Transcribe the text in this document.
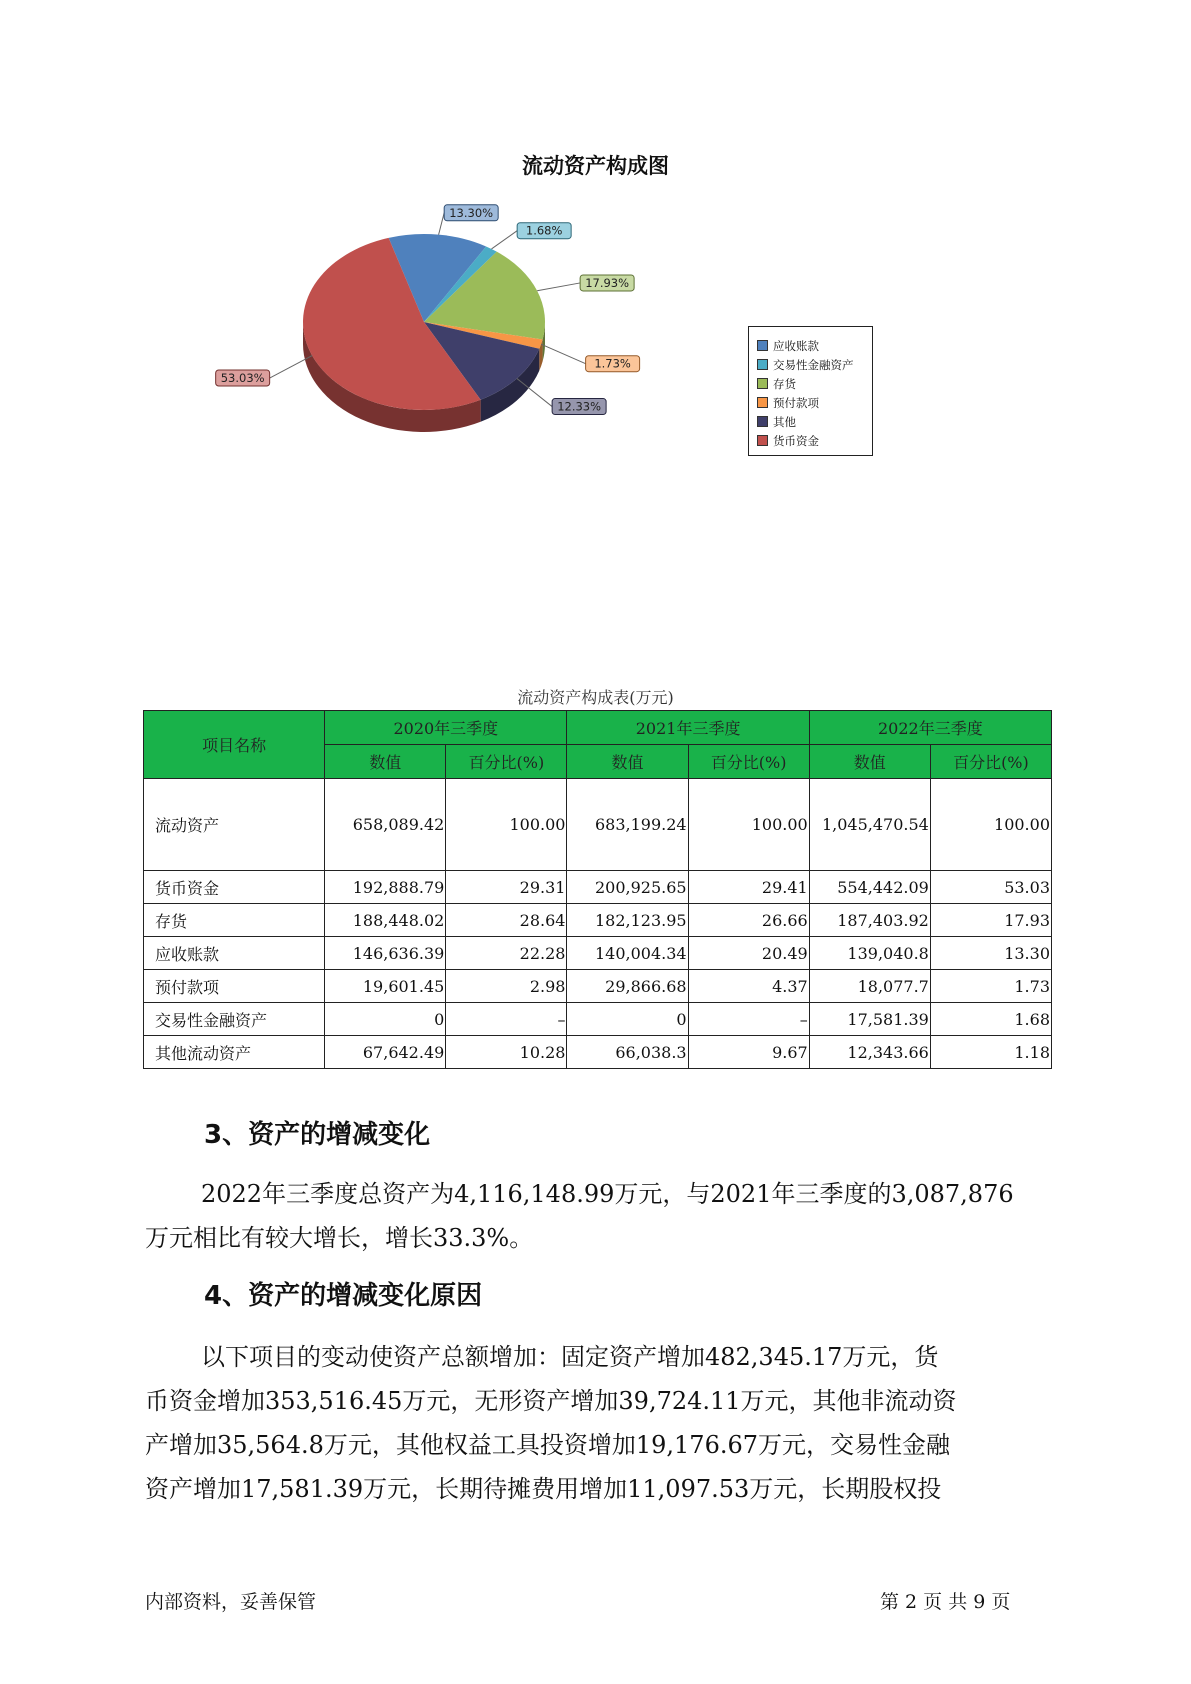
流动资产构成图
13.30%
1.68%
17.93%
1.73%
12.33%
53.03%
应收账款
交易性金融资产
存货
预付款项
其他
货币资金
流动资产构成表(万元)
项目名称	2020年三季度		2021年三季度		2022年三季度	
	数值	百分比(%)	数值	百分比(%)	数值	百分比(%)
流动资产	658,089.42	100.00	683,199.24	100.00	1,045,470.54	100.00
货币资金	192,888.79	29.31	200,925.65	29.41	554,442.09	53.03
存货	188,448.02	28.64	182,123.95	26.66	187,403.92	17.93
应收账款	146,636.39	22.28	140,004.34	20.49	139,040.8	13.30
预付款项	19,601.45	2.98	29,866.68	4.37	18,077.7	1.73
交易性金融资产	0	–	0	–	17,581.39	1.68
其他流动资产	67,642.49	10.28	66,038.3	9.67	12,343.66	1.18
3、资产的增减变化
2022年三季度总资产为4,116,148.99万元，与2021年三季度的3,087,876
万元相比有较大增长，增长33.3%。
4、资产的增减变化原因
以下项目的变动使资产总额增加：固定资产增加482,345.17万元，货
币资金增加353,516.45万元，无形资产增加39,724.11万元，其他非流动资
产增加35,564.8万元，其他权益工具投资增加19,176.67万元，交易性金融
资产增加17,581.39万元，长期待摊费用增加11,097.53万元，长期股权投
内部资料，妥善保管	第 2 页 共 9 页
